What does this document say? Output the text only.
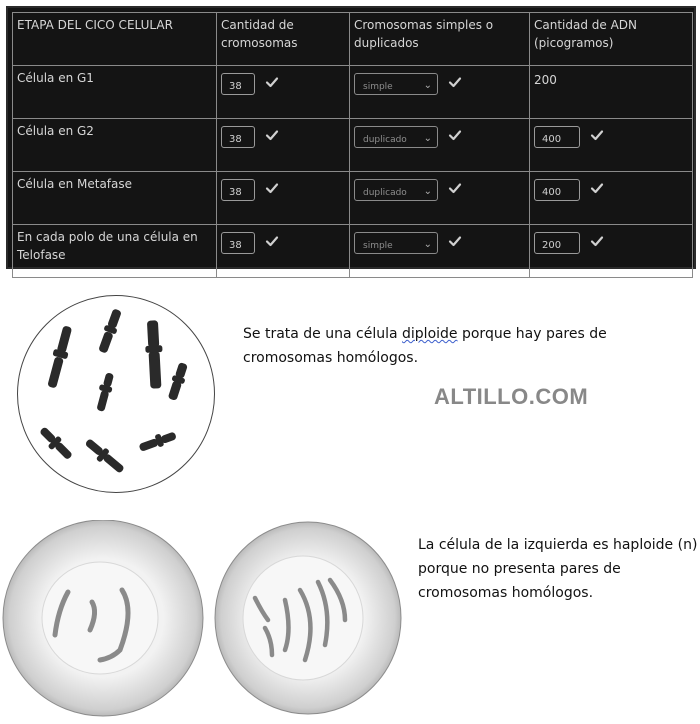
ETAPA DEL CICO CELULAR	Cantidad de cromosomas	Cromosomas simples o duplicados	Cantidad de ADN (picogramos)
Célula en G1	38	simple ⌄	200

Célula en G2	38	duplicado ⌄	400

Célula en Metafase	38	duplicado ⌄	400

En cada polo de una célula en Telofase	38	simple ⌄	200
Se trata de una célula diploide porque hay pares de cromosomas homólogos.
ALTILLO.COM
La célula de la izquierda es haploide (n) porque no presenta pares de cromosomas homólogos.
